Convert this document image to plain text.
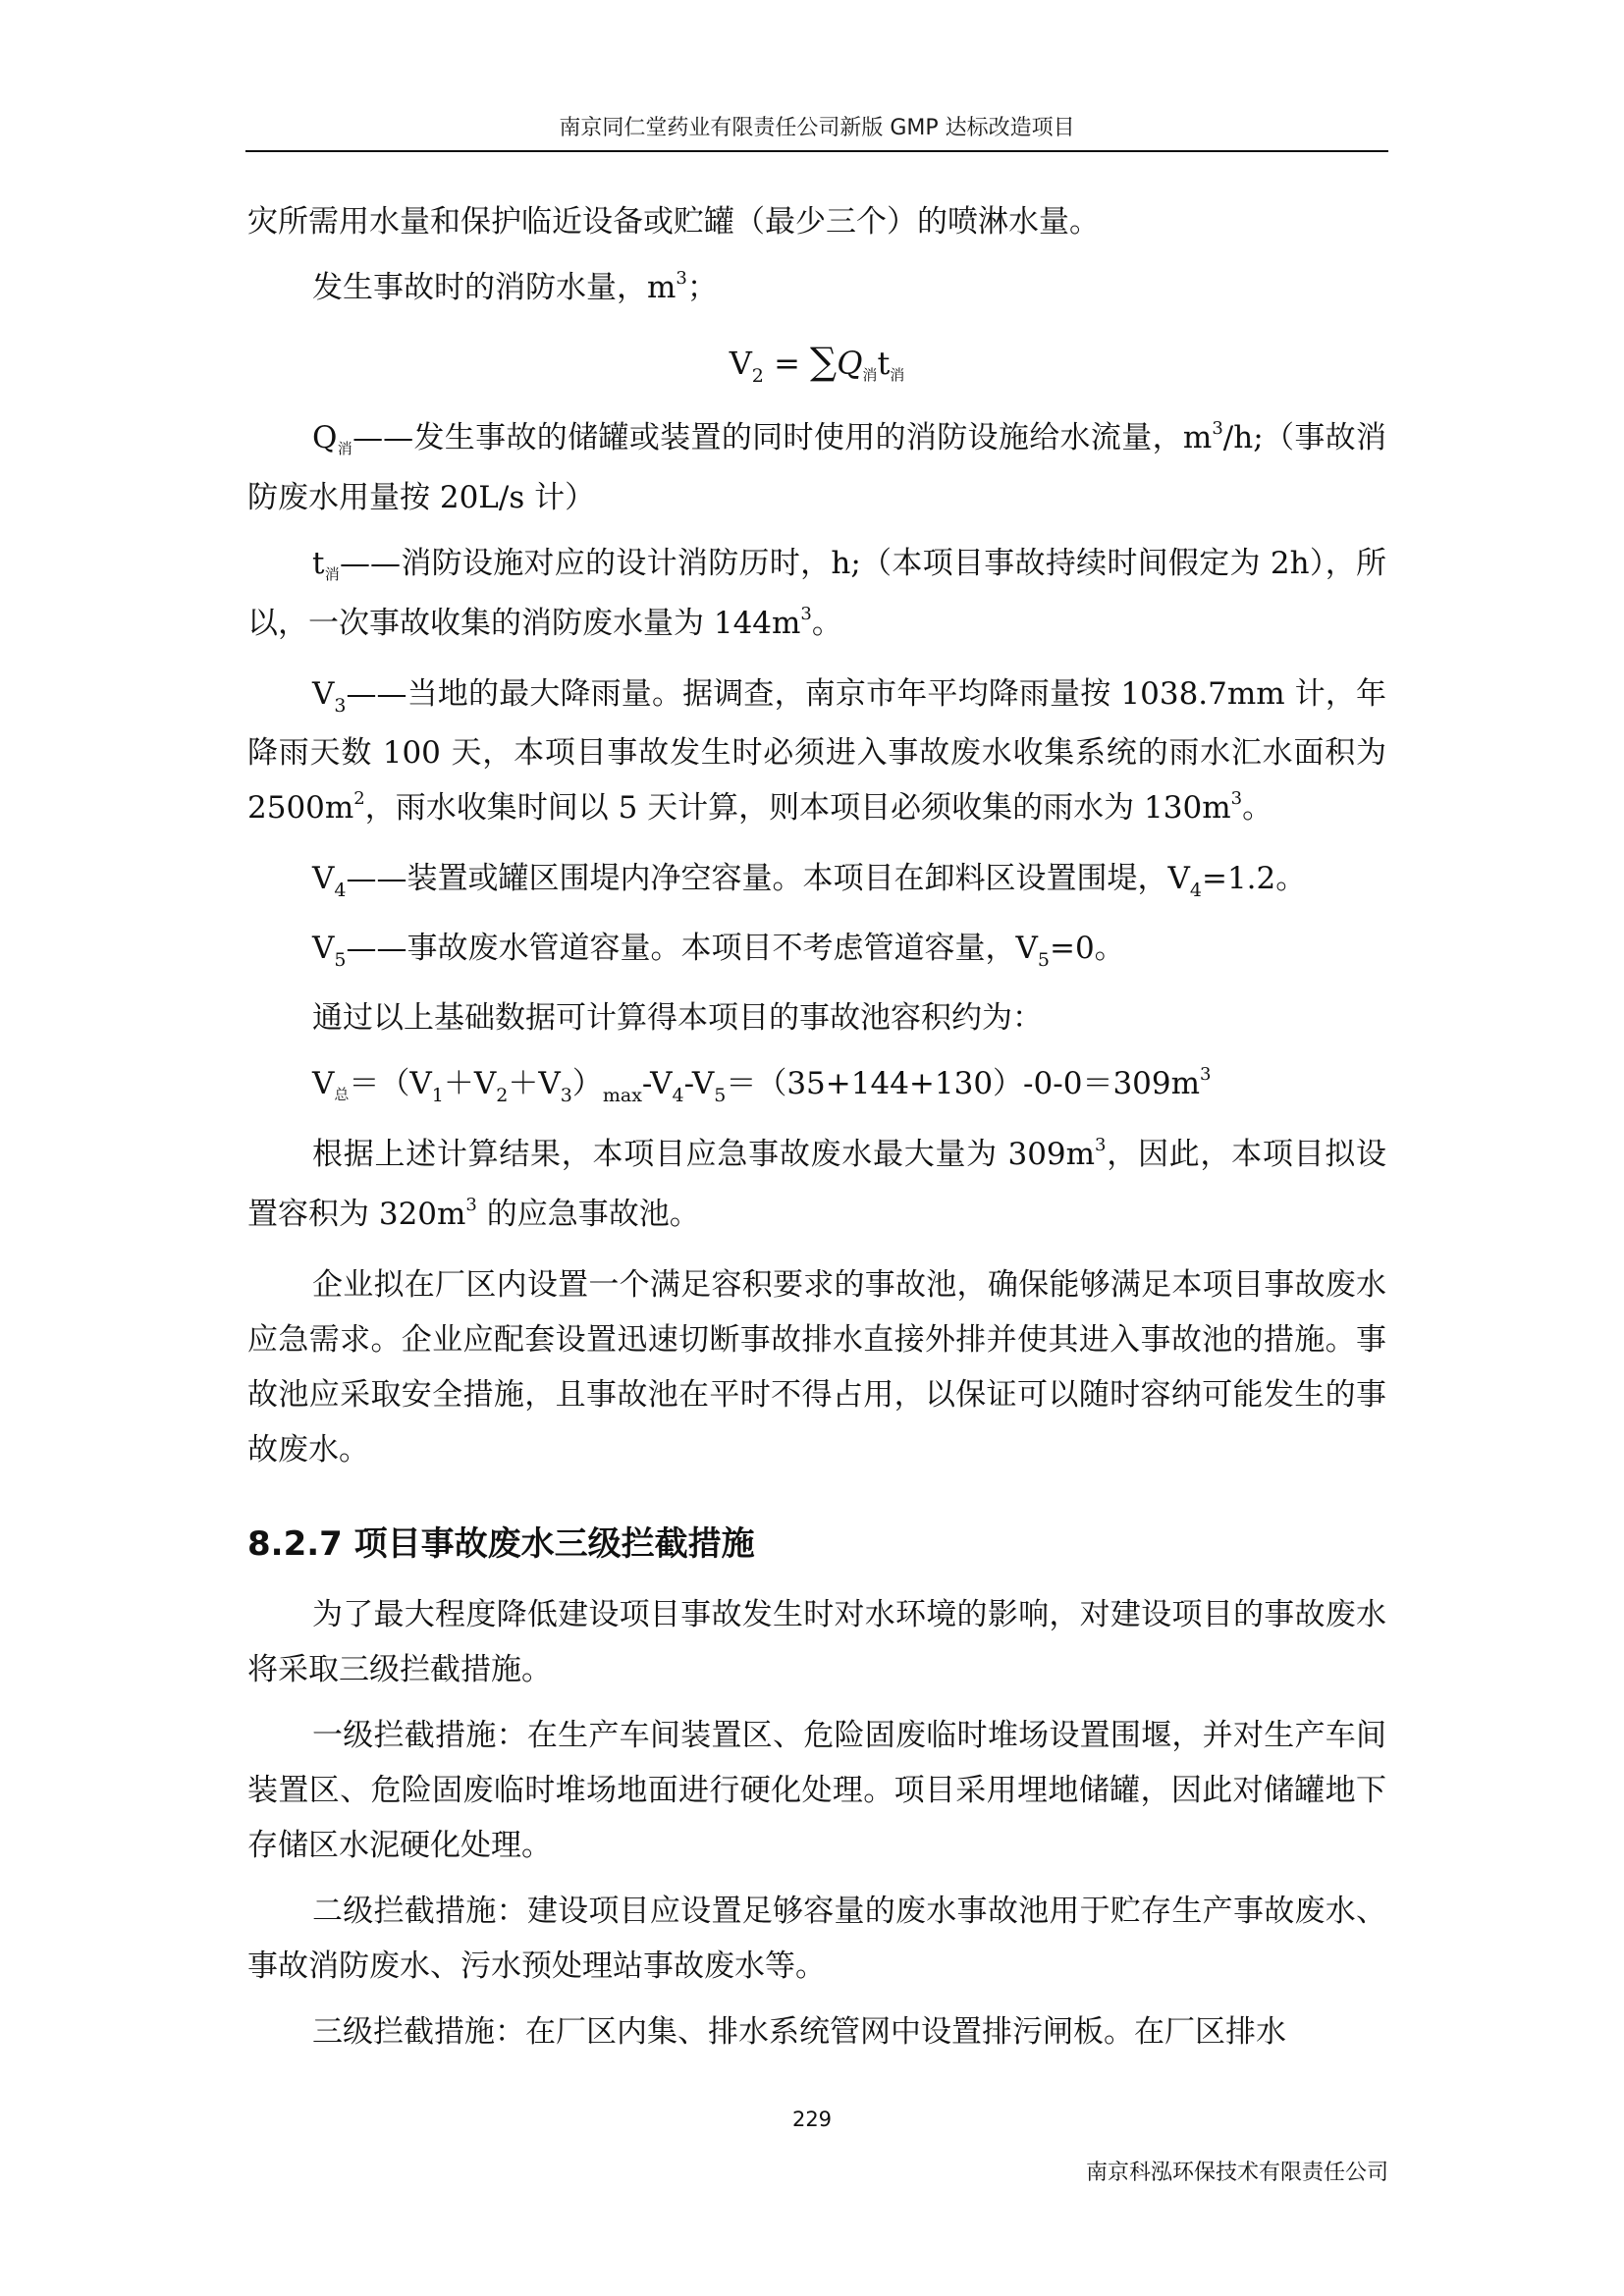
南京同仁堂药业有限责任公司新版 GMP 达标改造项目

灾所需用水量和保护临近设备或贮罐（最少三个）的喷淋水量。

发生事故时的消防水量，$m^3$；

$V_2 = \sum Q$消t消

Q消——发生事故的储罐或装置的同时使用的消防设施给水流量，$m^3/h$;（事故消防废水用量按 20L/s 计）

t消——消防设施对应的设计消防历时，h;（本项目事故持续时间假定为 2h），所以，一次事故收集的消防废水量为 $144m^3$。

$V_3——$当地的最大降雨量。据调查，南京市年平均降雨量按 1038.7mm 计，年降雨天数 100 天，本项目事故发生时必须进入事故废水收集系统的雨水汇水面积为 $2500m^2$，雨水收集时间以 5 天计算，则本项目必须收集的雨水为 $130m^3$。

$V_4——$装置或罐区围堤内净空容量。本项目在卸料区设置围堤，$V_4=1.2$。

$V_5——$事故废水管道容量。本项目不考虑管道容量，$V_5=0$。

通过以上基础数据可计算得本项目的事故池容积约为：

V总$=(V_1+V_2+V_3)_{max}-V_4-V_5=(35+144+130)-0-0=309m^3$

根据上述计算结果，本项目应急事故废水最大量为 $309m^3$，因此，本项目拟设置容积为 $320m^3$ 的应急事故池。

企业拟在厂区内设置一个满足容积要求的事故池，确保能够满足本项目事故废水应急需求。企业应配套设置迅速切断事故排水直接外排并使其进入事故池的措施。事故池应采取安全措施，且事故池在平时不得占用，以保证可以随时容纳可能发生的事故废水。

8.2.7 项目事故废水三级拦截措施

为了最大程度降低建设项目事故发生时对水环境的影响，对建设项目的事故废水将采取三级拦截措施。

一级拦截措施：在生产车间装置区、危险固废临时堆场设置围堰，并对生产车间装置区、危险固废临时堆场地面进行硬化处理。项目采用埋地储罐，因此对储罐地下存储区水泥硬化处理。

二级拦截措施：建设项目应设置足够容量的废水事故池用于贮存生产事故废水、事故消防废水、污水预处理站事故废水等。

三级拦截措施：在厂区内集、排水系统管网中设置排污闸板。在厂区排水

229
南京科泓环保技术有限责任公司
